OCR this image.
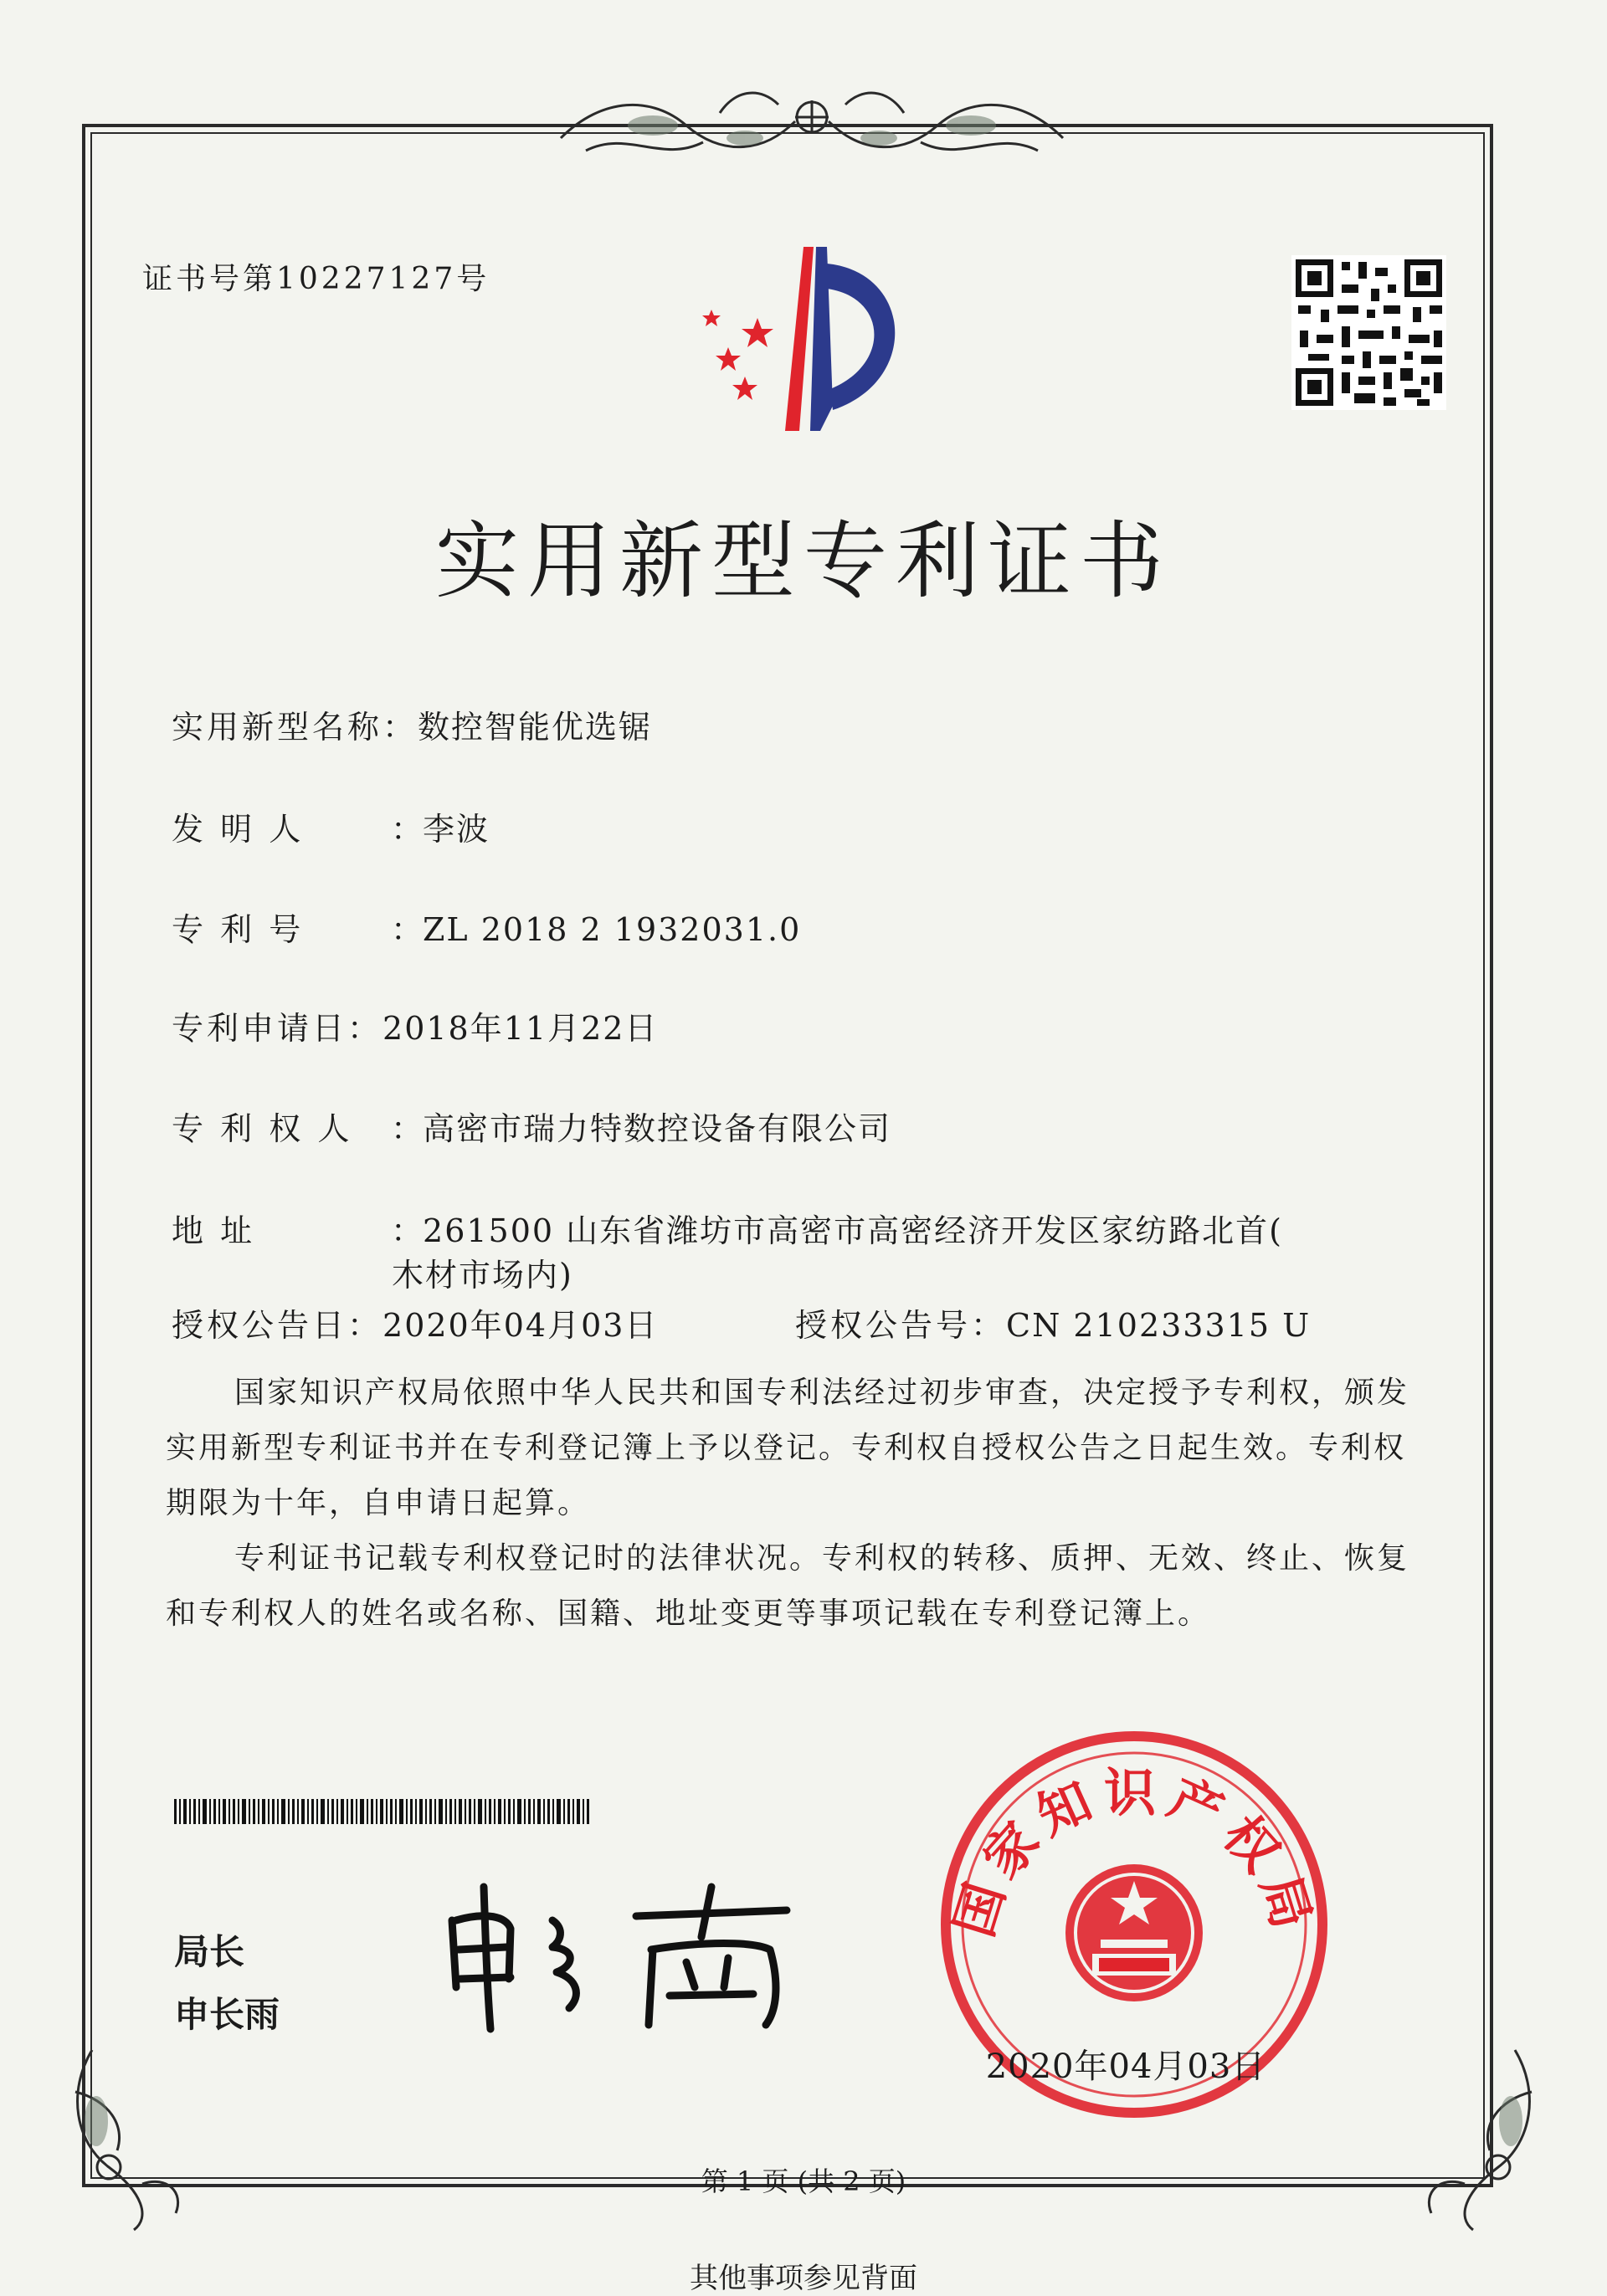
证书号第10227127号
实用新型专利证书
实用新型名称：数控智能优选锯
发 明 人	：李波
专 利 号	：ZL 2018 2 1932031.0
专利申请日：2018年11月22日
专 利 权 人 ：高密市瑞力特数控设备有限公司
地 址	：261500 山东省潍坊市高密市高密经济开发区家纺路北首(
木材市场内)
授权公告日：2020年04月03日	授权公告号：CN 210233315 U

国家知识产权局依照中华人民共和国专利法经过初步审查，决定授予专利权，颁发实用新型专利证书并在专利登记簿上予以登记。专利权自授权公告之日起生效。专利权期限为十年，自申请日起算。

专利证书记载专利权登记时的法律状况。专利权的转移、质押、无效、终止、恢复和专利权人的姓名或名称、国籍、地址变更等事项记载在专利登记簿上。

局长
申长雨
国家知识产权局
2020年04月03日
第 1 页 (共 2 页)
其他事项参见背面
